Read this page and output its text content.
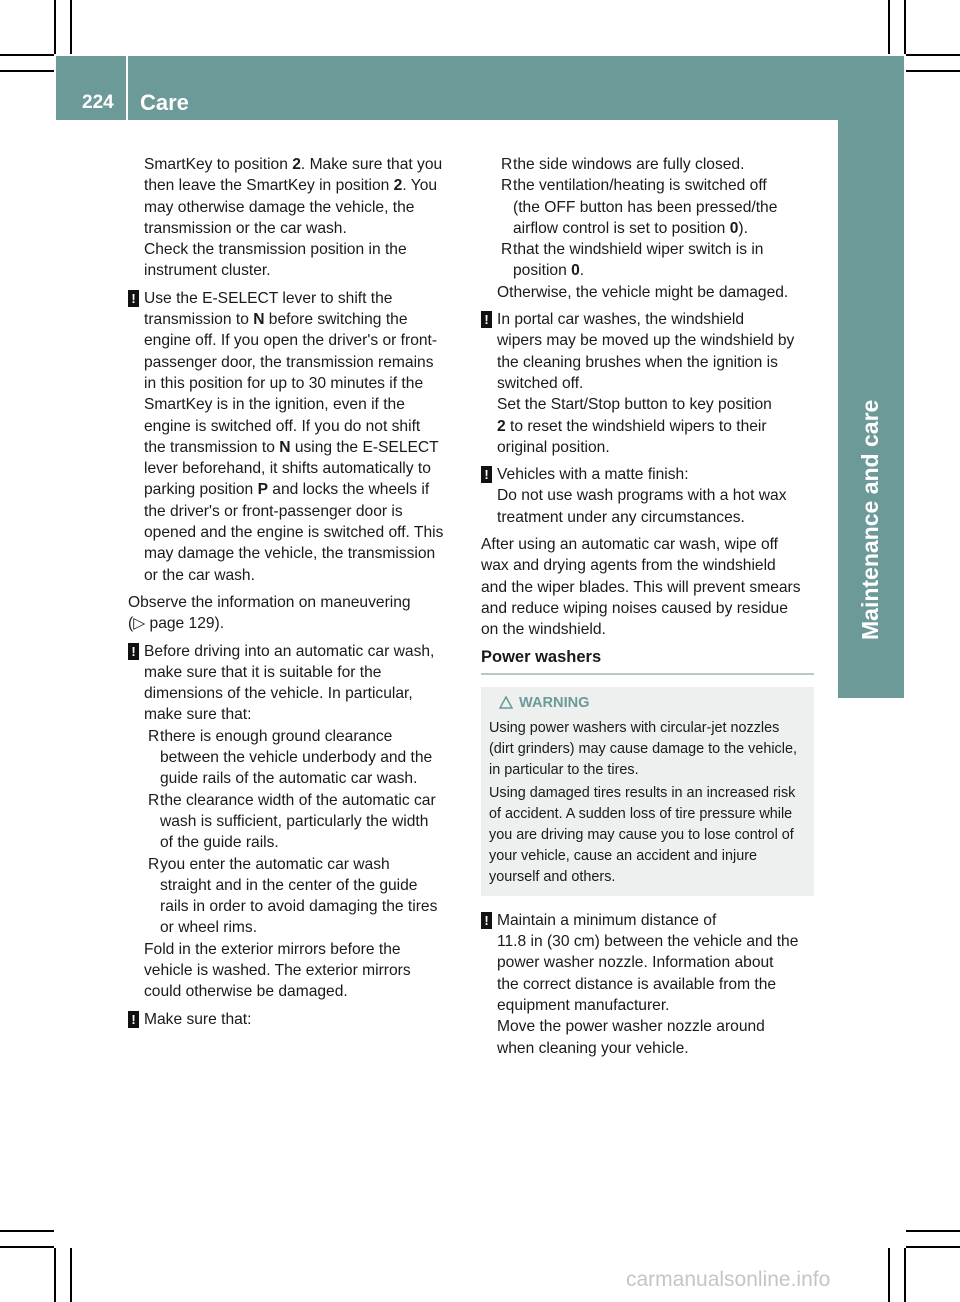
224 Care

SmartKey to position 2. Make sure that you

then leave the SmartKey in position 2. You

may otherwise damage the vehicle, the

transmission or the car wash.

Check the transmission position in the

instrument cluster.

! Use the E-SELECT lever to shift the

transmission to N before switching the

engine off. If you open the driver's or front-

passenger door, the transmission remains

in this position for up to 30 minutes if the

SmartKey is in the ignition, even if the

engine is switched off. If you do not shift

the transmission to N using the E-SELECT

lever beforehand, it shifts automatically to

parking position P and locks the wheels if

the driver's or front-passenger door is

opened and the engine is switched off. This

may damage the vehicle, the transmission

or the car wash.

Observe the information on maneuvering

(▷ page 129).

! Before driving into an automatic car wash,

make sure that it is suitable for the

dimensions of the vehicle. In particular,

make sure that:

R there is enough ground clearance

between the vehicle underbody and the

guide rails of the automatic car wash.

R the clearance width of the automatic car

wash is sufficient, particularly the width

of the guide rails.

R you enter the automatic car wash

straight and in the center of the guide

rails in order to avoid damaging the tires

or wheel rims.

Fold in the exterior mirrors before the

vehicle is washed. The exterior mirrors

could otherwise be damaged.

! Make sure that:

R the side windows are fully closed.

R the ventilation/heating is switched off

(the OFF button has been pressed/the

airflow control is set to position 0).

R that the windshield wiper switch is in

position 0.

Otherwise, the vehicle might be damaged.

! In portal car washes, the windshield

wipers may be moved up the windshield by

the cleaning brushes when the ignition is

switched off.

Set the Start/Stop button to key position

2 to reset the windshield wipers to their

original position.

! Vehicles with a matte finish:

Do not use wash programs with a hot wax

treatment under any circumstances.

After using an automatic car wash, wipe off

wax and drying agents from the windshield

and the wiper blades. This will prevent smears

and reduce wiping noises caused by residue

on the windshield.

Power washers

WARNING

Using power washers with circular-jet nozzles (dirt grinders) may cause damage to the vehicle, in particular to the tires.

Using damaged tires results in an increased risk of accident. A sudden loss of tire pressure while you are driving may cause you to lose control of your vehicle, cause an accident and injure yourself and others.

! Maintain a minimum distance of

11.8 in (30 cm) between the vehicle and the

power washer nozzle. Information about

the correct distance is available from the

equipment manufacturer.

Move the power washer nozzle around

when cleaning your vehicle.

carmanualsonline.info
